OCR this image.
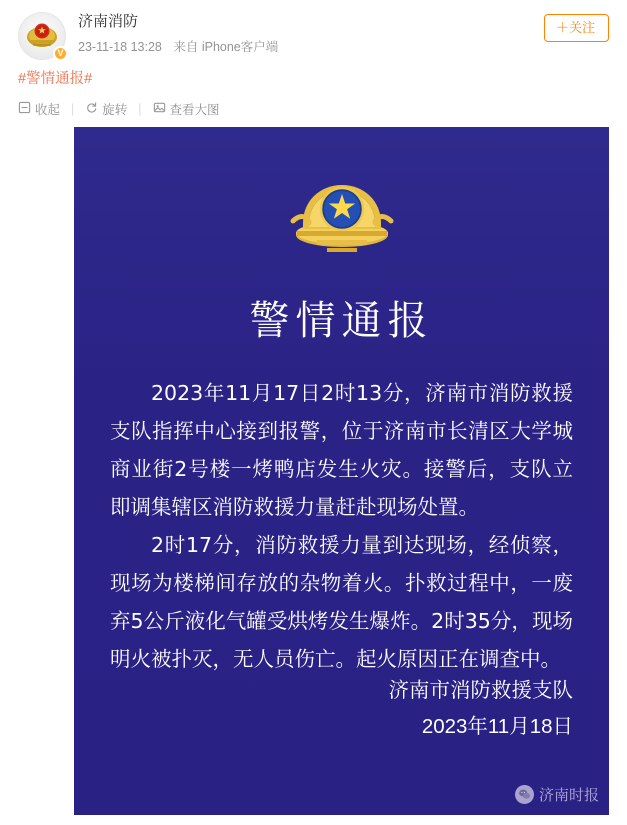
V
济南消防
23-11-18 13:28 来自 iPhone客户端
＋关注
#警情通报#
收起 | 旋转 | 查看大图
警情通报

2023年11月17日2时13分，济南市消防救援支队指挥中心接到报警，位于济南市长清区大学城商业街2号楼一烤鸭店发生火灾。接警后，支队立即调集辖区消防救援力量赶赴现场处置。

2时17分，消防救援力量到达现场，经侦察，现场为楼梯间存放的杂物着火。扑救过程中，一废弃5公斤液化气罐受烘烤发生爆炸。2时35分，现场明火被扑灭，无人员伤亡。起火原因正在调查中。

济南市消防救援支队
2023年11月18日
济南时报
